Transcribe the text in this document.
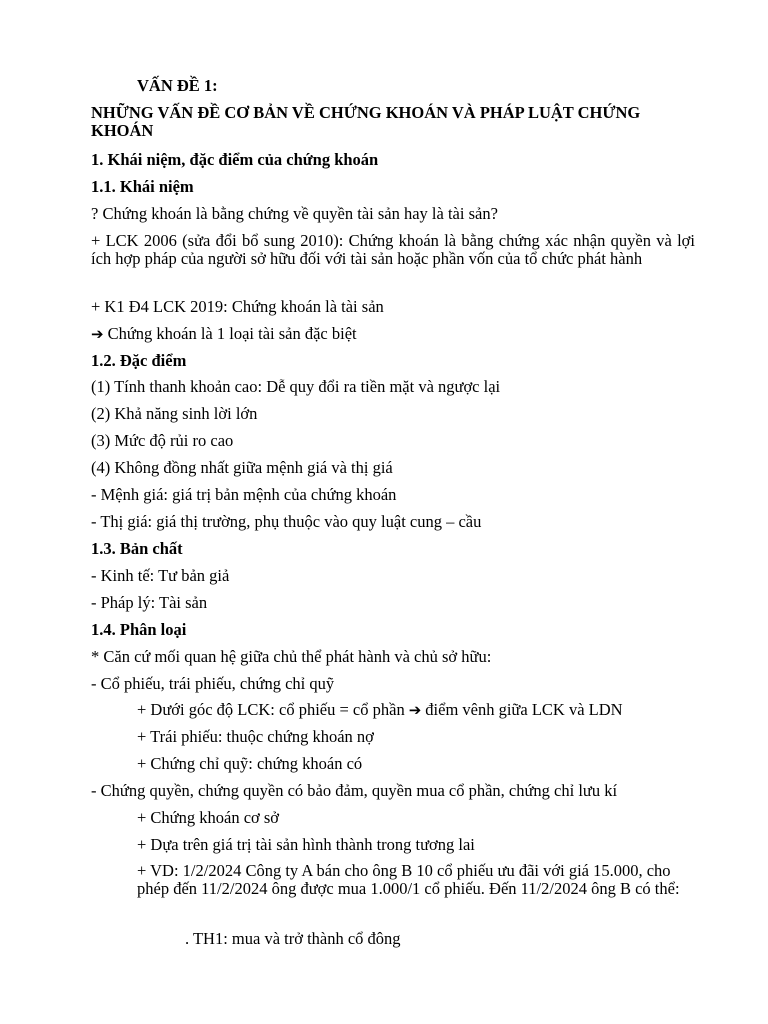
VẤN ĐỀ 1:
NHỮNG VẤN ĐỀ CƠ BẢN VỀ CHỨNG KHOÁN VÀ PHÁP LUẬT CHỨNG KHOÁN
1. Khái niệm, đặc điểm của chứng khoán
1.1. Khái niệm
? Chứng khoán là bằng chứng về quyền tài sản hay là tài sản?
+ LCK 2006 (sửa đổi bổ sung 2010): Chứng khoán là bằng chứng xác nhận quyền và lợi ích hợp pháp của người sở hữu đối với tài sản hoặc phần vốn của tổ chức phát hành
+ K1 Đ4 LCK 2019: Chứng khoán là tài sản
➔ Chứng khoán là 1 loại tài sản đặc biệt
1.2. Đặc điểm
(1) Tính thanh khoản cao: Dễ quy đổi ra tiền mặt và ngược lại
(2) Khả năng sinh lời lớn
(3) Mức độ rủi ro cao
(4) Không đồng nhất giữa mệnh giá và thị giá
- Mệnh giá: giá trị bản mệnh của chứng khoán
- Thị giá: giá thị trường, phụ thuộc vào quy luật cung – cầu
1.3. Bản chất
- Kinh tế: Tư bản giả
- Pháp lý: Tài sản
1.4. Phân loại
* Căn cứ mối quan hệ giữa chủ thể phát hành và chủ sở hữu:
- Cổ phiếu, trái phiếu, chứng chỉ quỹ
+ Dưới góc độ LCK: cổ phiếu = cổ phần ➔ điểm vênh giữa LCK và LDN
+ Trái phiếu: thuộc chứng khoán nợ
+ Chứng chỉ quỹ: chứng khoán có
- Chứng quyền, chứng quyền có bảo đảm, quyền mua cổ phần, chứng chỉ lưu kí
+ Chứng khoán cơ sở
+ Dựa trên giá trị tài sản hình thành trong tương lai
+ VD: 1/2/2024 Công ty A bán cho ông B 10 cổ phiếu ưu đãi với giá 15.000, cho phép đến 11/2/2024 ông được mua 1.000/1 cổ phiếu. Đến 11/2/2024 ông B có thể:
. TH1: mua và trở thành cổ đông
